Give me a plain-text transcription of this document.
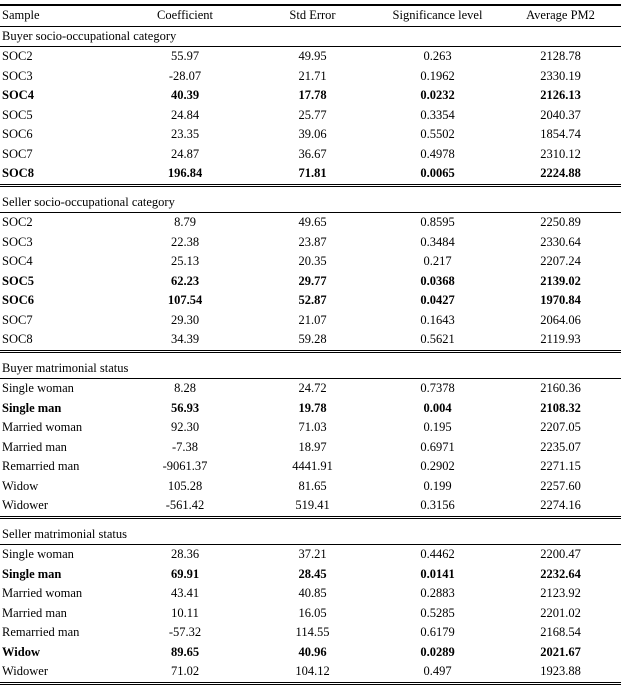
Sample	Coefficient	Std Error	Significance level	Average PM2
Buyer socio-occupational category				
SOC2	55.97	49.95	0.263	2128.78
SOC3	-28.07	21.71	0.1962	2330.19
SOC4	40.39	17.78	0.0232	2126.13
SOC5	24.84	25.77	0.3354	2040.37
SOC6	23.35	39.06	0.5502	1854.74
SOC7	24.87	36.67	0.4978	2310.12
SOC8	196.84	71.81	0.0065	2224.88
Seller socio-occupational category				
SOC2	8.79	49.65	0.8595	2250.89
SOC3	22.38	23.87	0.3484	2330.64
SOC4	25.13	20.35	0.217	2207.24
SOC5	62.23	29.77	0.0368	2139.02
SOC6	107.54	52.87	0.0427	1970.84
SOC7	29.30	21.07	0.1643	2064.06
SOC8	34.39	59.28	0.5621	2119.93
Buyer matrimonial status				
Single woman	8.28	24.72	0.7378	2160.36
Single man	56.93	19.78	0.004	2108.32
Married woman	92.30	71.03	0.195	2207.05
Married man	-7.38	18.97	0.6971	2235.07
Remarried man	-9061.37	4441.91	0.2902	2271.15
Widow	105.28	81.65	0.199	2257.60
Widower	-561.42	519.41	0.3156	2274.16
Seller matrimonial status				
Single woman	28.36	37.21	0.4462	2200.47
Single man	69.91	28.45	0.0141	2232.64
Married woman	43.41	40.85	0.2883	2123.92
Married man	10.11	16.05	0.5285	2201.02
Remarried man	-57.32	114.55	0.6179	2168.54
Widow	89.65	40.96	0.0289	2021.67
Widower	71.02	104.12	0.497	1923.88
